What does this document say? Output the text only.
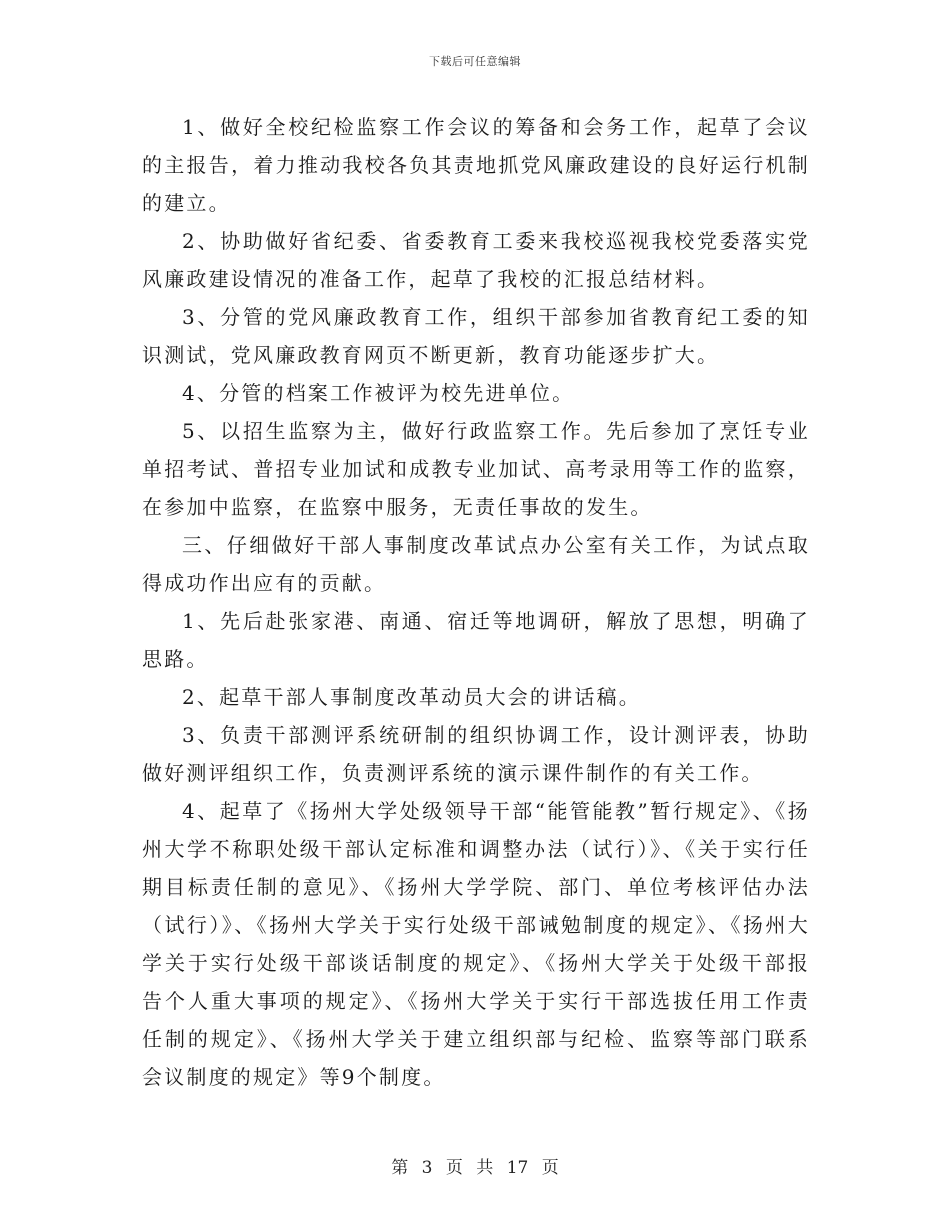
下载后可任意编辑

1、做好全校纪检监察工作会议的筹备和会务工作，起草了会议的主报告，着力推动我校各负其责地抓党风廉政建设的良好运行机制的建立。

2、协助做好省纪委、省委教育工委来我校巡视我校党委落实党风廉政建设情况的准备工作，起草了我校的汇报总结材料。

3、分管的党风廉政教育工作，组织干部参加省教育纪工委的知识测试，党风廉政教育网页不断更新，教育功能逐步扩大。

4、分管的档案工作被评为校先进单位。

5、以招生监察为主，做好行政监察工作。先后参加了烹饪专业单招考试、普招专业加试和成教专业加试、高考录用等工作的监察，在参加中监察，在监察中服务，无责任事故的发生。

三、仔细做好干部人事制度改革试点办公室有关工作，为试点取得成功作出应有的贡献。

1、先后赴张家港、南通、宿迁等地调研，解放了思想，明确了思路。

2、起草干部人事制度改革动员大会的讲话稿。

3、负责干部测评系统研制的组织协调工作，设计测评表，协助做好测评组织工作，负责测评系统的演示课件制作的有关工作。

4、起草了《扬州大学处级领导干部“能管能教”暂行规定》、《扬州大学不称职处级干部认定标准和调整办法（试行）》、《关于实行任期目标责任制的意见》、《扬州大学学院、部门、单位考核评估办法（试行）》、《扬州大学关于实行处级干部诫勉制度的规定》、《扬州大学关于实行处级干部谈话制度的规定》、《扬州大学关于处级干部报告个人重大事项的规定》、《扬州大学关于实行干部选拔任用工作责任制的规定》、《扬州大学关于建立组织部与纪检、监察等部门联系会议制度的规定》等9个制度。

第 3 页 共 17 页
